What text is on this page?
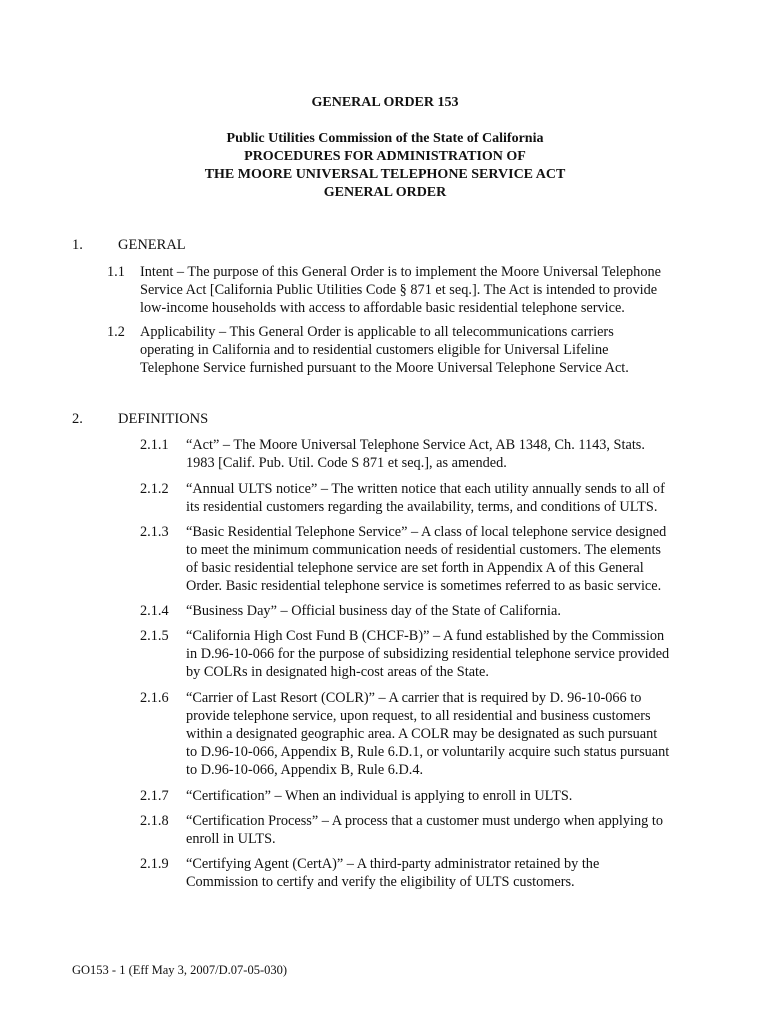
GENERAL ORDER 153
Public Utilities Commission of the State of California
PROCEDURES FOR ADMINISTRATION OF
THE MOORE UNIVERSAL TELEPHONE SERVICE ACT
GENERAL ORDER
1. GENERAL
1.1 Intent – The purpose of this General Order is to implement the Moore Universal Telephone
Service Act [California Public Utilities Code § 871 et seq.]. The Act is intended to provide
low-income households with access to affordable basic residential telephone service.
1.2 Applicability – This General Order is applicable to all telecommunications carriers
operating in California and to residential customers eligible for Universal Lifeline
Telephone Service furnished pursuant to the Moore Universal Telephone Service Act.
2. DEFINITIONS
2.1.1 “Act” – The Moore Universal Telephone Service Act, AB 1348, Ch. 1143, Stats.
1983 [Calif. Pub. Util. Code S 871 et seq.], as amended.
2.1.2 “Annual ULTS notice” – The written notice that each utility annually sends to all of
its residential customers regarding the availability, terms, and conditions of ULTS.
2.1.3 “Basic Residential Telephone Service” – A class of local telephone service designed
to meet the minimum communication needs of residential customers. The elements
of basic residential telephone service are set forth in Appendix A of this General
Order. Basic residential telephone service is sometimes referred to as basic service.
2.1.4 “Business Day” – Official business day of the State of California.
2.1.5 “California High Cost Fund B (CHCF-B)” – A fund established by the Commission
in D.96-10-066 for the purpose of subsidizing residential telephone service provided
by COLRs in designated high-cost areas of the State.
2.1.6 “Carrier of Last Resort (COLR)” – A carrier that is required by D. 96-10-066 to
provide telephone service, upon request, to all residential and business customers
within a designated geographic area. A COLR may be designated as such pursuant
to D.96-10-066, Appendix B, Rule 6.D.1, or voluntarily acquire such status pursuant
to D.96-10-066, Appendix B, Rule 6.D.4.
2.1.7 “Certification” – When an individual is applying to enroll in ULTS.
2.1.8 “Certification Process” – A process that a customer must undergo when applying to
enroll in ULTS.
2.1.9 “Certifying Agent (CertA)” – A third-party administrator retained by the
Commission to certify and verify the eligibility of ULTS customers.
GO153 - 1 (Eff May 3, 2007/D.07-05-030)
